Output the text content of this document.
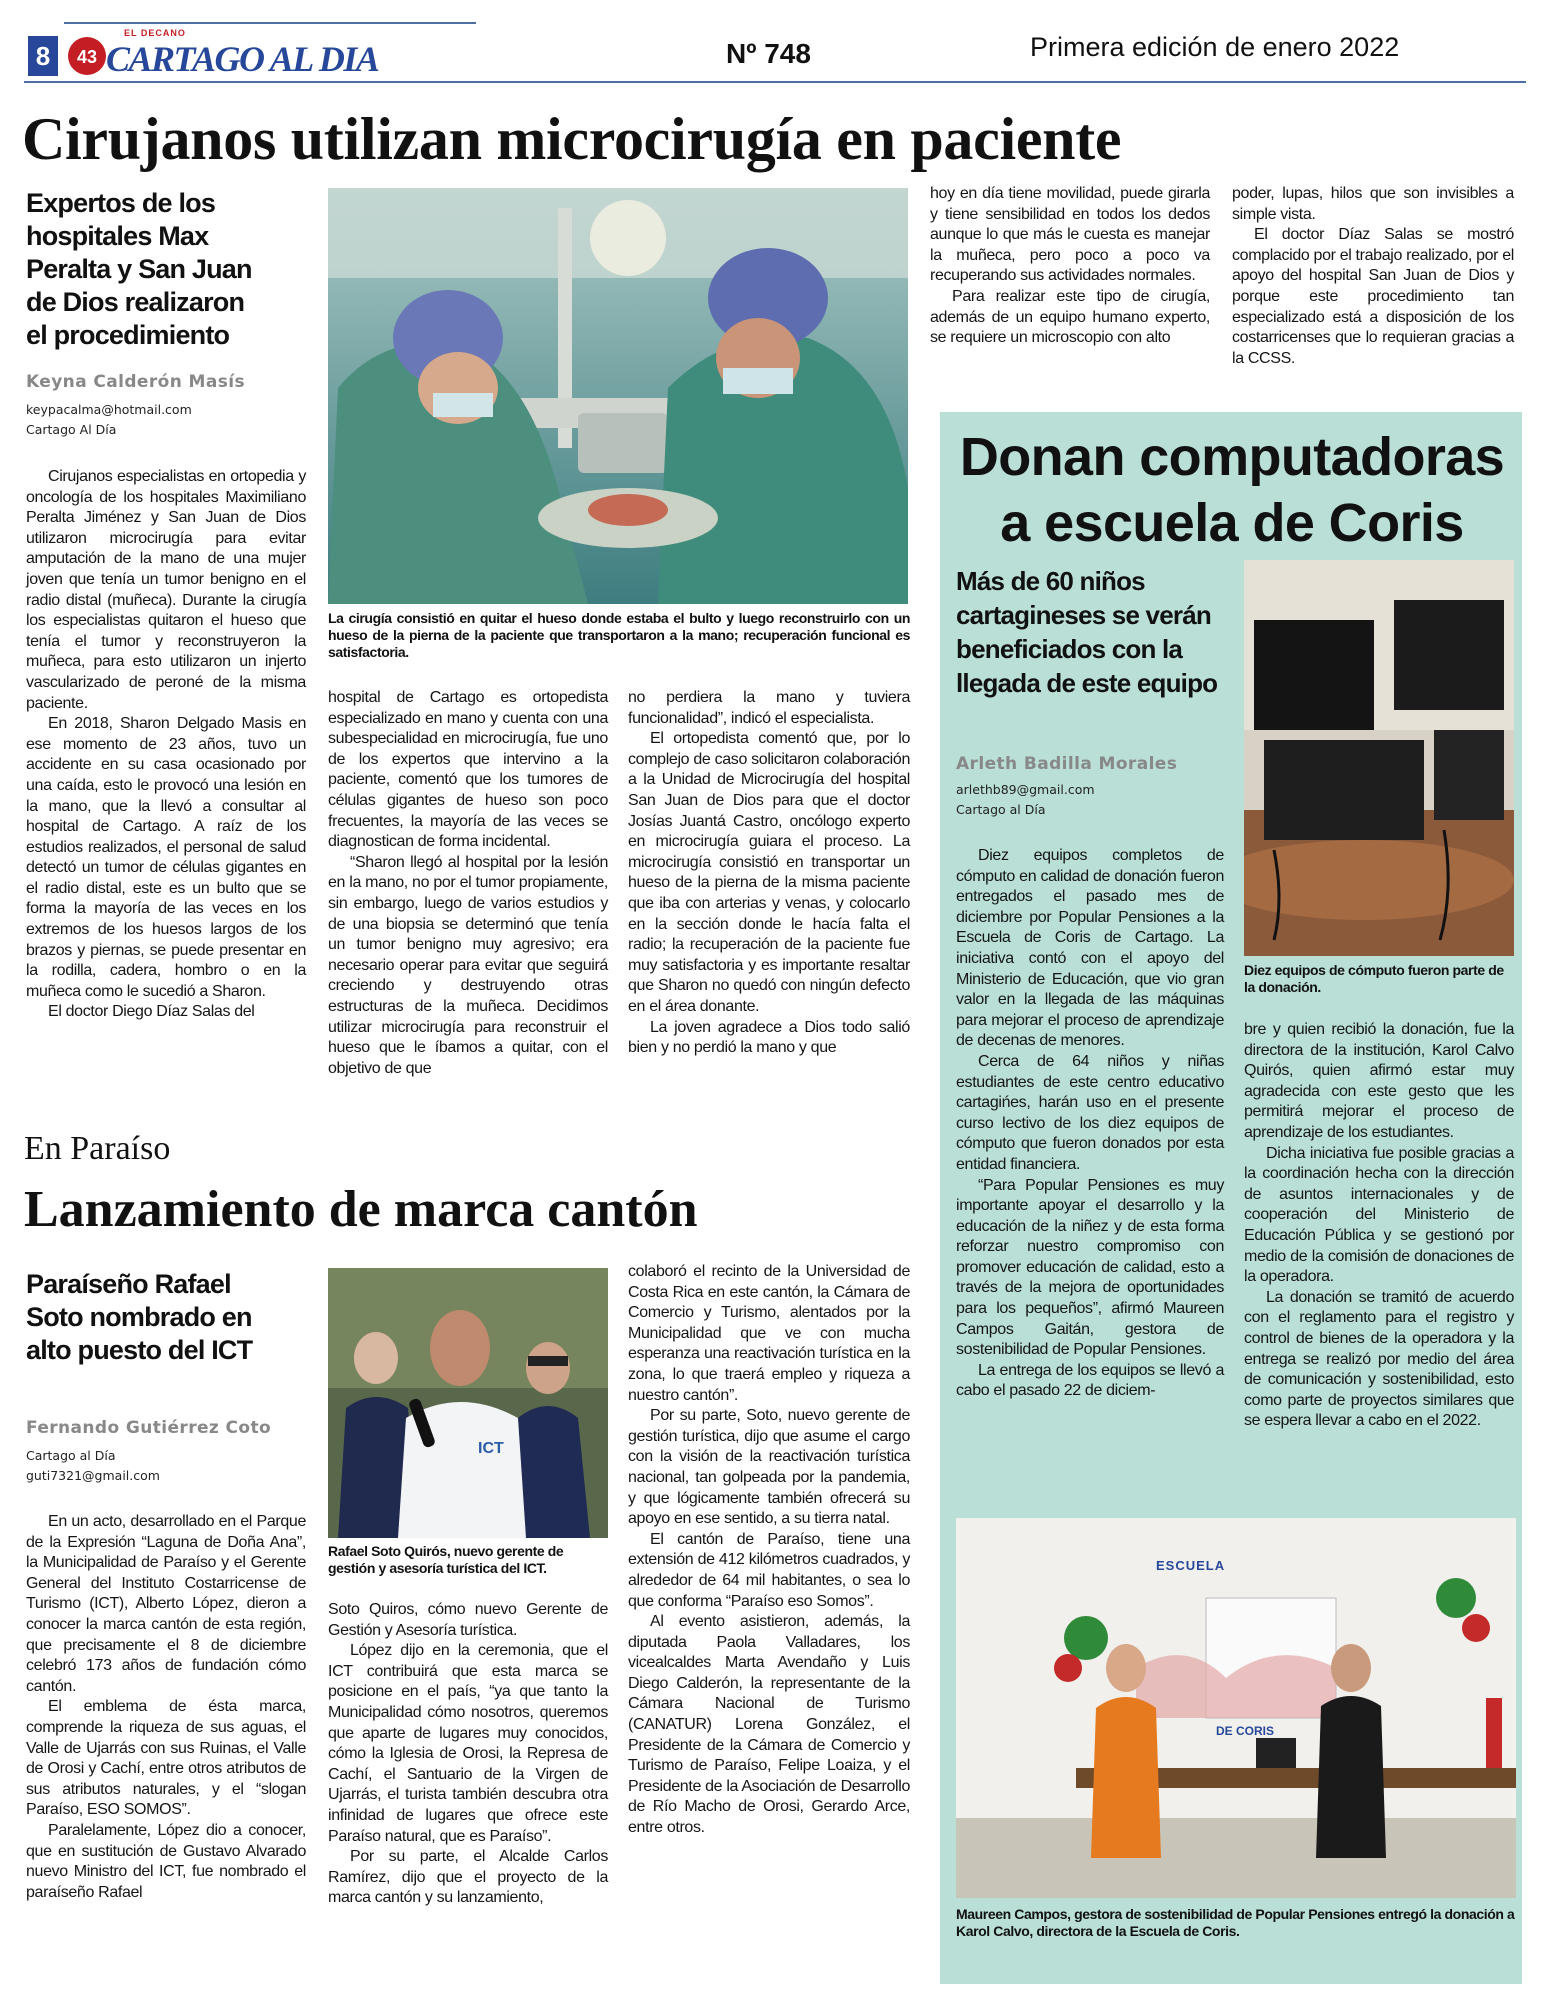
8	43
EL DECANO
CARTAGO AL DIA	Nº 748	Primera edición de enero 2022
Cirujanos utilizan microcirugía en paciente
Expertos de los hospitales Max Peralta y San Juan de Dios realizaron el procedimiento
Keyna Calderón Masís
keypacalma@hotmail.com
Cartago Al Día

Cirujanos especialistas en ortopedia y oncología de los hospitales Maximiliano Peralta Jiménez y San Juan de Dios utilizaron microcirugía para evitar amputación de la mano de una mujer joven que tenía un tumor benigno en el radio distal (muñeca). Durante la cirugía los especialistas quitaron el hueso que tenía el tumor y reconstruyeron la muñeca, para esto utilizaron un injerto vascularizado de peroné de la misma paciente.

En 2018, Sharon Delgado Masis en ese momento de 23 años, tuvo un accidente en su casa ocasionado por una caída, esto le provocó una lesión en la mano, que la llevó a consultar al hospital de Cartago. A raíz de los estudios realizados, el personal de salud detectó un tumor de células gigantes en el radio distal, este es un bulto que se forma la mayoría de las veces en los extremos de los huesos largos de los brazos y piernas, se puede presentar en la rodilla, cadera, hombro o en la muñeca como le sucedió a Sharon.

El doctor Diego Díaz Salas del

La cirugía consistió en quitar el hueso donde estaba el bulto y luego reconstruirlo con un hueso de la pierna de la paciente que transportaron a la mano; recuperación funcional es satisfactoria.

hospital de Cartago es ortopedista especializado en mano y cuenta con una subespecialidad en microcirugía, fue uno de los expertos que intervino a la paciente, comentó que los tumores de células gigantes de hueso son poco frecuentes, la mayoría de las veces se diagnostican de forma incidental.

“Sharon llegó al hospital por la lesión en la mano, no por el tumor propiamente, sin embargo, luego de varios estudios y de una biopsia se determinó que tenía un tumor benigno muy agresivo; era necesario operar para evitar que seguirá creciendo y destruyendo otras estructuras de la muñeca. Decidimos utilizar microcirugía para reconstruir el hueso que le íbamos a quitar, con el objetivo de que

no perdiera la mano y tuviera funcionalidad”, indicó el especialista.

El ortopedista comentó que, por lo complejo de caso solicitaron colaboración a la Unidad de Microcirugía del hospital San Juan de Dios para que el doctor Josías Juantá Castro, oncólogo experto en microcirugía guiara el proceso. La microcirugía consistió en transportar un hueso de la pierna de la misma paciente que iba con arterias y venas, y colocarlo en la sección donde le hacía falta el radio; la recuperación de la paciente fue muy satisfactoria y es importante resaltar que Sharon no quedó con ningún defecto en el área donante.

La joven agradece a Dios todo salió bien y no perdió la mano y que

hoy en día tiene movilidad, puede girarla y tiene sensibilidad en todos los dedos aunque lo que más le cuesta es manejar la muñeca, pero poco a poco va recuperando sus actividades normales.

Para realizar este tipo de cirugía, además de un equipo humano experto, se requiere un microscopio con alto

poder, lupas, hilos que son invisibles a simple vista.

El doctor Díaz Salas se mostró complacido por el trabajo realizado, por el apoyo del hospital San Juan de Dios y porque este procedimiento tan especializado está a disposición de los costarricenses que lo requieran gracias a la CCSS.

En Paraíso
Lanzamiento de marca cantón
Paraíseño Rafael Soto nombrado en alto puesto del ICT
Fernando Gutiérrez Coto
Cartago al Día
guti7321@gmail.com

En un acto, desarrollado en el Parque de la Expresión “Laguna de Doña Ana”, la Municipalidad de Paraíso y el Gerente General del Instituto Costarricense de Turismo (ICT), Alberto López, dieron a conocer la marca cantón de esta región, que precisamente el 8 de diciembre celebró 173 años de fundación cómo cantón.

El emblema de ésta marca, comprende la riqueza de sus aguas, el Valle de Ujarrás con sus Ruinas, el Valle de Orosi y Cachí, entre otros atributos de sus atributos naturales, y el “slogan Paraíso, ESO SOMOS”.

Paralelamente, López dio a conocer, que en sustitución de Gustavo Alvarado nuevo Ministro del ICT, fue nombrado el paraíseño Rafael

ICT
Rafael Soto Quirós, nuevo gerente de gestión y asesoría turística del ICT.

Soto Quiros, cómo nuevo Gerente de Gestión y Asesoría turística.

López dijo en la ceremonia, que el ICT contribuirá que esta marca se posicione en el país, “ya que tanto la Municipalidad cómo nosotros, queremos que aparte de lugares muy conocidos, cómo la Iglesia de Orosi, la Represa de Cachí, el Santuario de la Virgen de Ujarrás, el turista también descubra otra infinidad de lugares que ofrece este Paraíso natural, que es Paraíso”.

Por su parte, el Alcalde Carlos Ramírez, dijo que el proyecto de la marca cantón y su lanzamiento,

colaboró el recinto de la Universidad de Costa Rica en este cantón, la Cámara de Comercio y Turismo, alentados por la Municipalidad que ve con mucha esperanza una reactivación turística en la zona, lo que traerá empleo y riqueza a nuestro cantón”.

Por su parte, Soto, nuevo gerente de gestión turística, dijo que asume el cargo con la visión de la reactivación turística nacional, tan golpeada por la pandemia, y que lógicamente también ofrecerá su apoyo en ese sentido, a su tierra natal.

El cantón de Paraíso, tiene una extensión de 412 kilómetros cuadrados, y alrededor de 64 mil habitantes, o sea lo que conforma “Paraíso eso Somos”.

Al evento asistieron, además, la diputada Paola Valladares, los vicealcaldes Marta Avendaño y Luis Diego Calderón, la representante de la Cámara Nacional de Turismo (CANATUR) Lorena González, el Presidente de la Cámara de Comercio y Turismo de Paraíso, Felipe Loaiza, y el Presidente de la Asociación de Desarrollo de Río Macho de Orosi, Gerardo Arce, entre otros.

Donan computadoras a escuela de Coris
Más de 60 niños cartagineses se verán beneficiados con la llegada de este equipo
Arleth Badilla Morales
arlethb89@gmail.com
Cartago al Día
Diez equipos de cómputo fueron parte de la donación.

Diez equipos completos de cómputo en calidad de donación fueron entregados el pasado mes de diciembre por Popular Pensiones a la Escuela de Coris de Cartago. La iniciativa contó con el apoyo del Ministerio de Educación, que vio gran valor en la llegada de las máquinas para mejorar el proceso de aprendizaje de decenas de menores.

Cerca de 64 niños y niñas estudiantes de este centro educativo cartagińes, harán uso en el presente curso lectivo de los diez equipos de cómputo que fueron donados por esta entidad financiera.

“Para Popular Pensiones es muy importante apoyar el desarrollo y la educación de la niñez y de esta forma reforzar nuestro compromiso con promover educación de calidad, esto a través de la mejora de oportunidades para los pequeños”, afirmó Maureen Campos Gaitán, gestora de sostenibilidad de Popular Pensiones.

La entrega de los equipos se llevó a cabo el pasado 22 de diciem-

bre y quien recibió la donación, fue la directora de la institución, Karol Calvo Quirós, quien afirmó estar muy agradecida con este gesto que les permitirá mejorar el proceso de aprendizaje de los estudiantes.

Dicha iniciativa fue posible gracias a la coordinación hecha con la dirección de asuntos internacionales y de cooperación del Ministerio de Educación Pública y se gestionó por medio de la comisión de donaciones de la operadora.

La donación se tramitó de acuerdo con el reglamento para el registro y control de bienes de la operadora y la entrega se realizó por medio del área de comunicación y sostenibilidad, esto como parte de proyectos similares que se espera llevar a cabo en el 2022.

ESCUELA
DE CORIS
Maureen Campos, gestora de sostenibilidad de Popular Pensiones entregó la donación a Karol Calvo, directora de la Escuela de Coris.
